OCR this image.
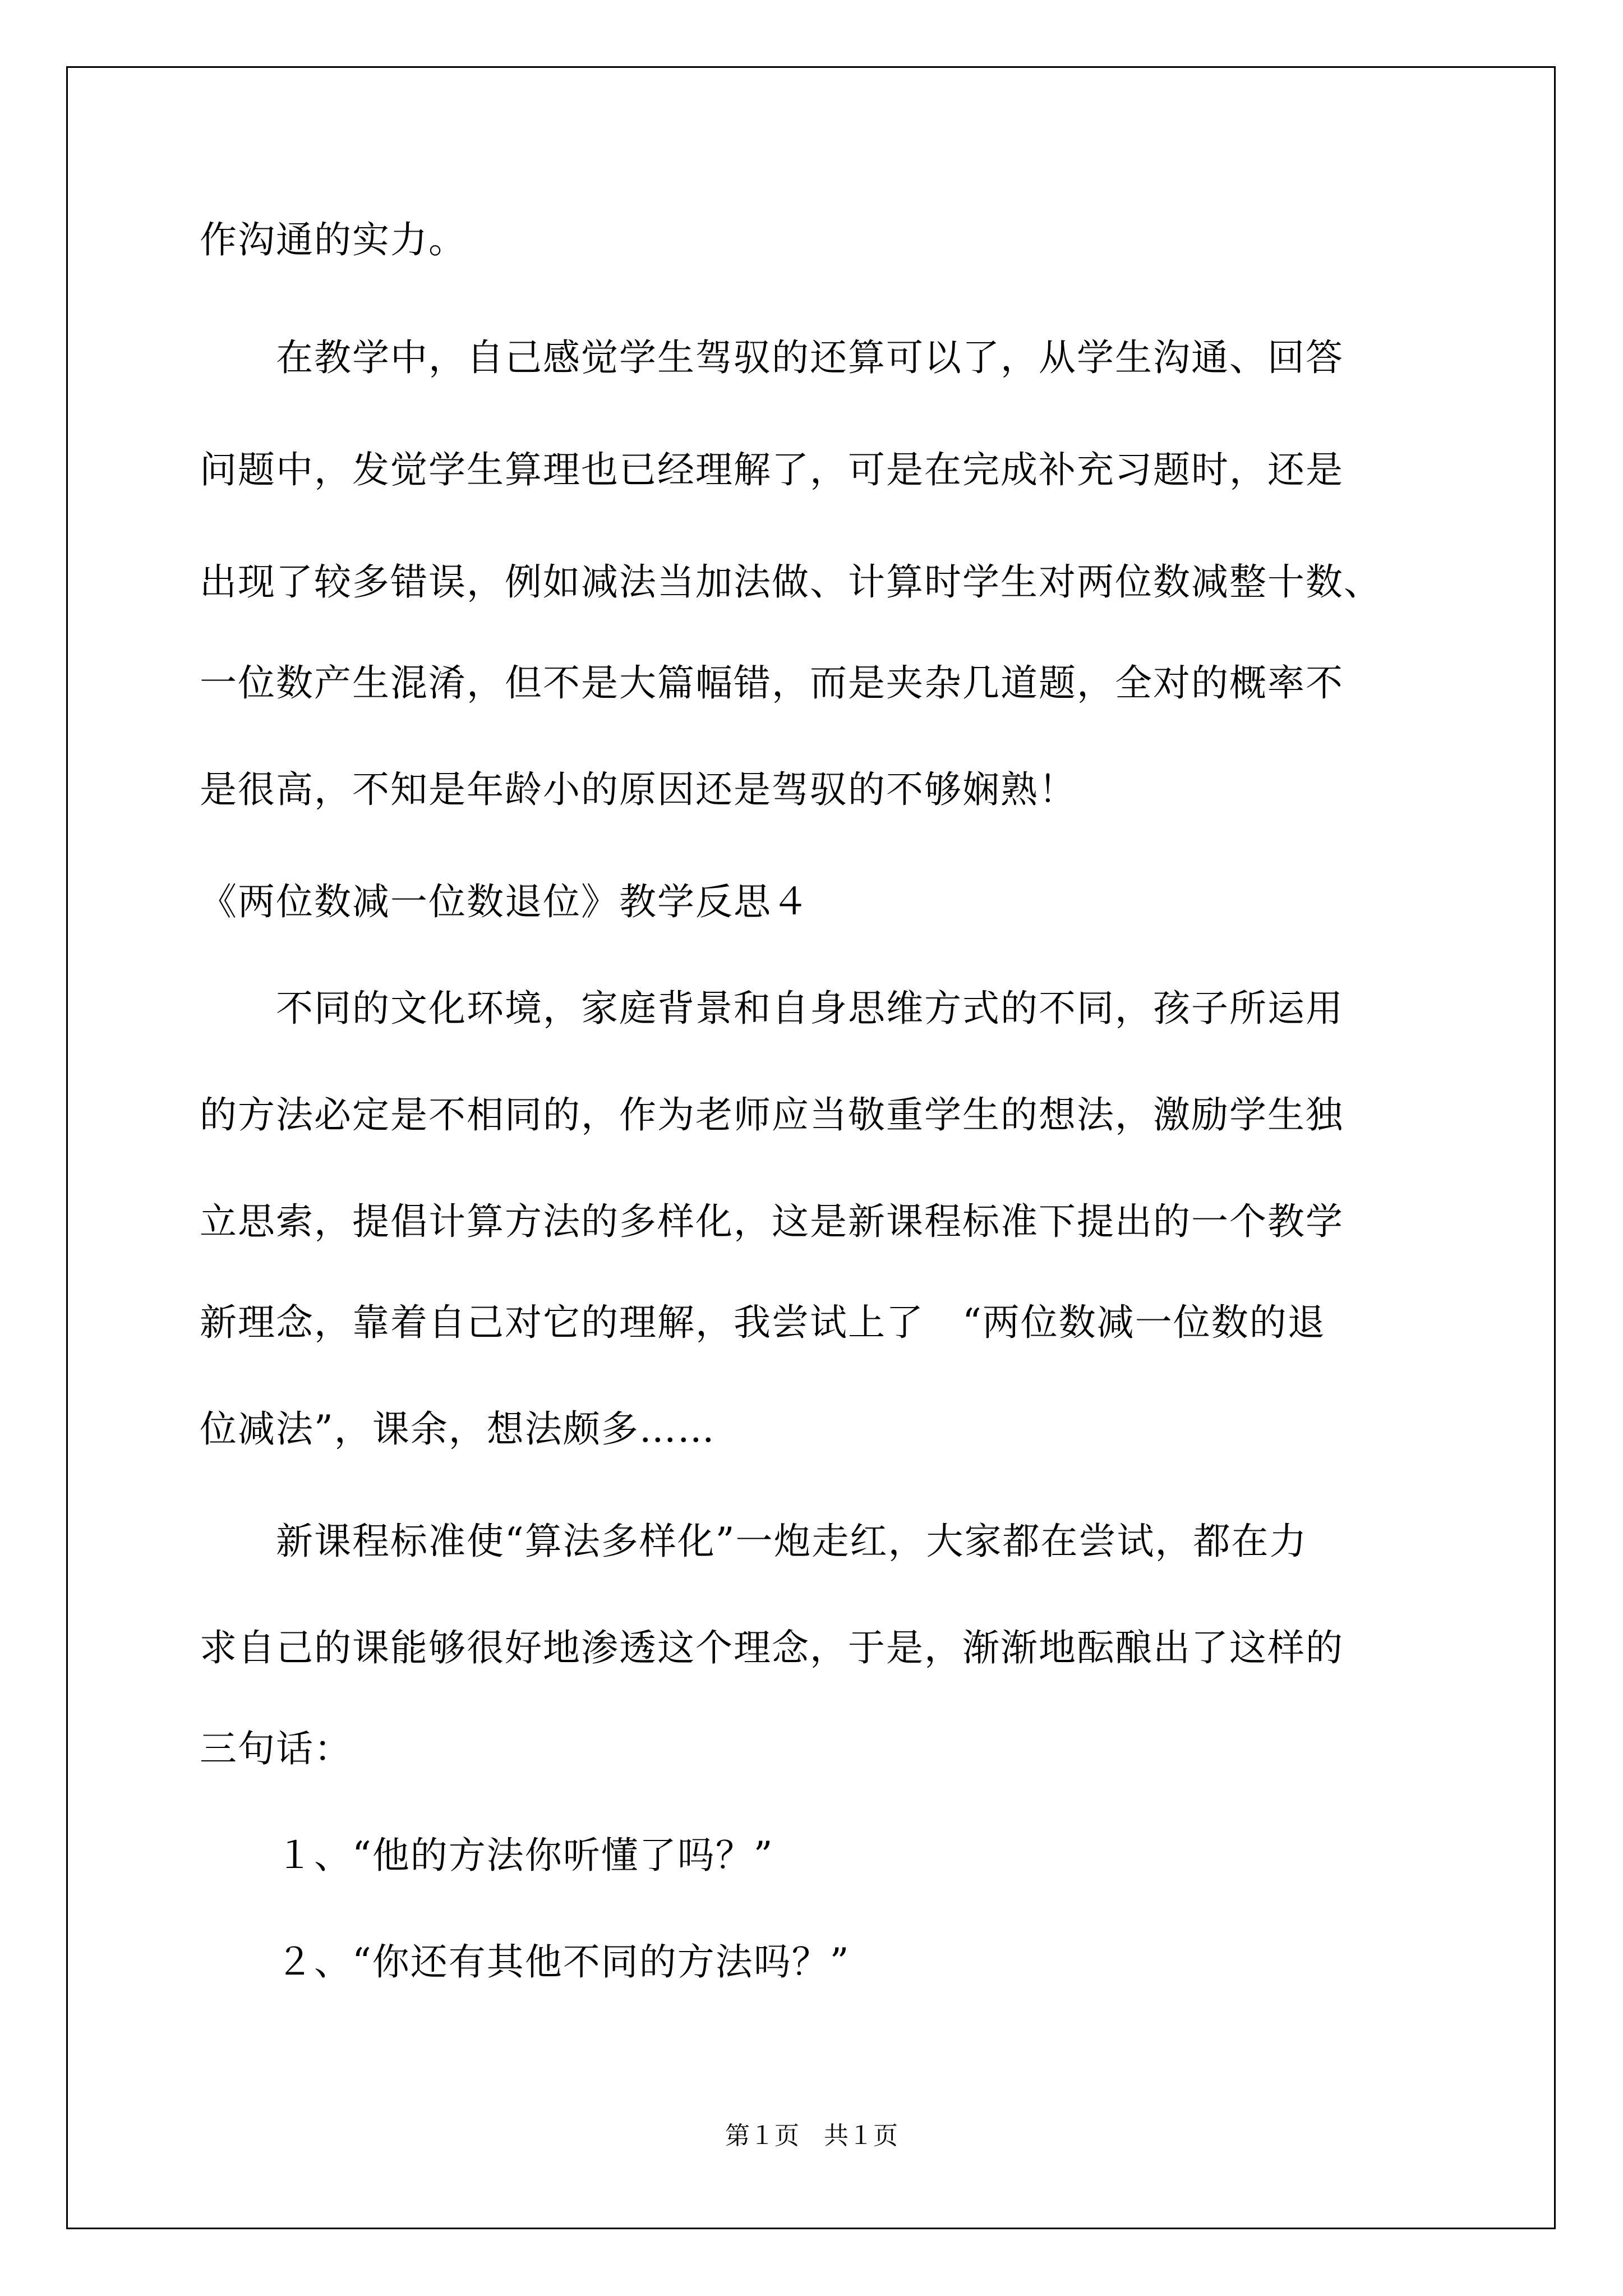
作沟通的实力。
　　在教学中，自己感觉学生驾驭的还算可以了，从学生沟通、回答
问题中，发觉学生算理也已经理解了，可是在完成补充习题时，还是
出现了较多错误，例如减法当加法做、计算时学生对两位数减整十数、
一位数产生混淆，但不是大篇幅错，而是夹杂几道题，全对的概率不
是很高，不知是年龄小的原因还是驾驭的不够娴熟！
《两位数减一位数退位》教学反思４
　　不同的文化环境，家庭背景和自身思维方式的不同，孩子所运用
的方法必定是不相同的，作为老师应当敬重学生的想法，激励学生独
立思索，提倡计算方法的多样化，这是新课程标准下提出的一个教学
新理念，靠着自己对它的理解，我尝试上了　“两位数减一位数的退
位减法”，课余，想法颇多……
　　新课程标准使“算法多样化”一炮走红，大家都在尝试，都在力
求自己的课能够很好地渗透这个理念，于是，渐渐地酝酿出了这样的
三句话：
　　１、“他的方法你听懂了吗？”
　　２、“你还有其他不同的方法吗？”
第１页 共１页
